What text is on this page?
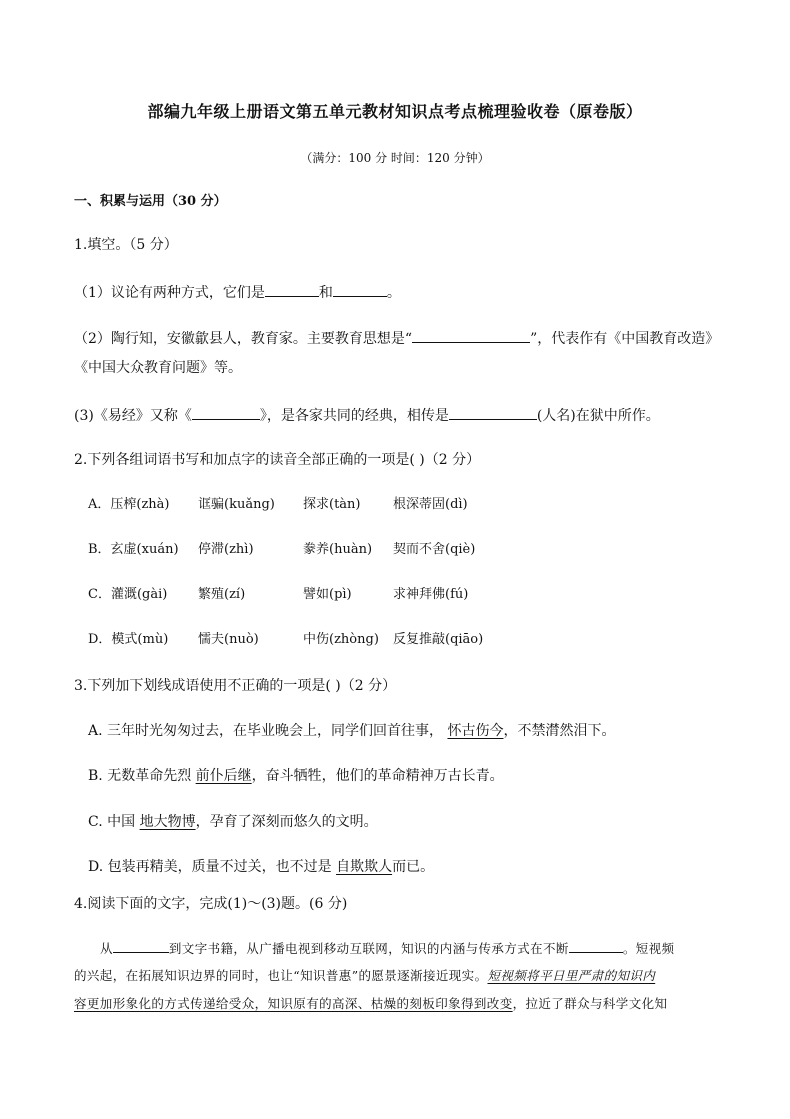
部编九年级上册语文第五单元教材知识点考点梳理验收卷（原卷版）
（满分：100 分 时间：120 分钟）
一、积累与运用（30 分）
1.填空。（5 分）
（1）议论有两种方式，它们是	和	。
（2）陶行知，安徽歙县人，教育家。主要教育思想是“	”，代表作有《中国教育改造》
《中国大众教育问题》等。
(3)《易经》又称《	》，是各家共同的经典，相传是	(人名)在狱中所作。
2.下列各组词语书写和加点字的读音全部正确的一项是( )（2 分）
A．压榨(zhà) 诓骗(kuǎng) 探求(tàn)	根深蒂固(dì)
B．玄虚(xuán) 停滞(zhì)	豢养(huàn) 契而不舍(qiè)
C．灌溉(gài) 繁殖(zí)	譬如(pì)	求神拜佛(fú)
D．模式(mù) 懦夫(nuò)	中伤(zhòng) 反复推敲(qiāo)
3.下列加下划线成语使用不正确的一项是( )（2 分）
A. 三年时光匆匆过去，在毕业晚会上，同学们回首往事， 怀古伤今，不禁潸然泪下。
B. 无数革命先烈 前仆后继，奋斗牺牲，他们的革命精神万古长青。
C. 中国 地大物博，孕育了深刻而悠久的文明。
D. 包装再精美，质量不过关，也不过是 自欺欺人而已。
4.阅读下面的文字，完成(1)～(3)题。(6 分)
从	到文字书籍，从广播电视到移动互联网，知识的内涵与传承方式在不断	。短视频
的兴起，在拓展知识边界的同时，也让“知识普惠”的愿景逐渐接近现实。短视频将平日里严肃的知识内
容更加形象化的方式传递给受众，知识原有的高深、枯燥的刻板印象得到改变，拉近了群众与科学文化知
